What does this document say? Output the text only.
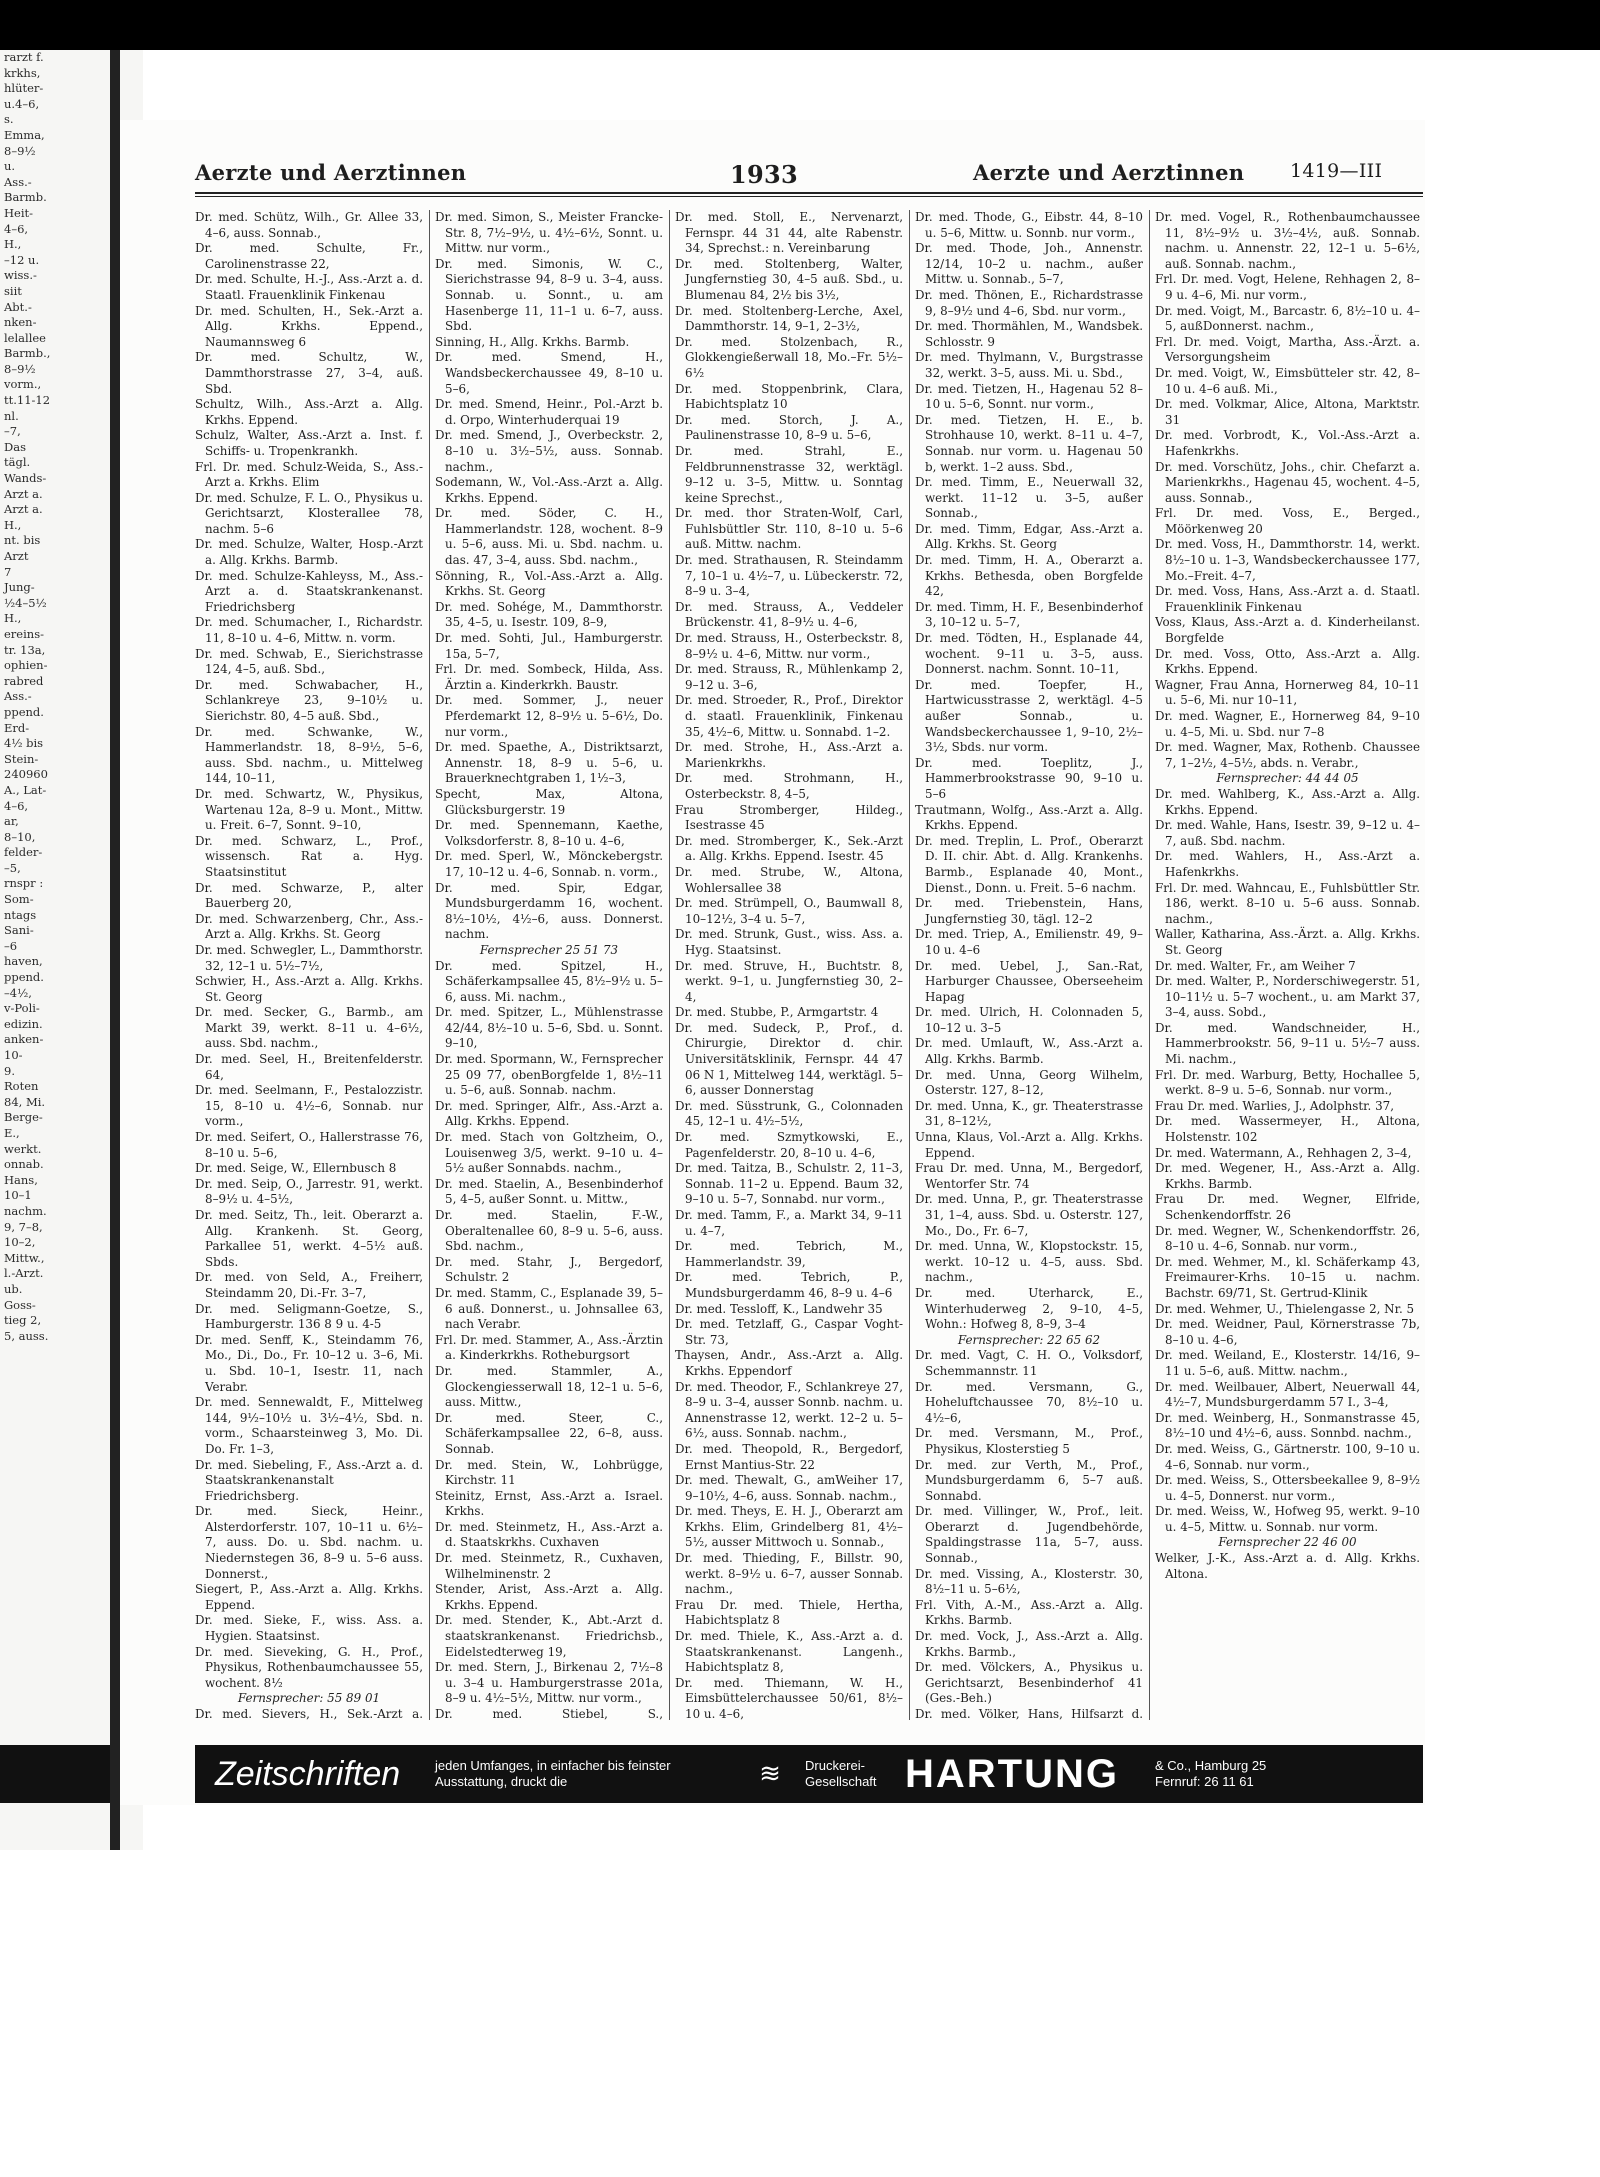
rarzt f.
krkhs,
hlüter-
u.4–6,
s.
Emma,
8–9½
u.
Ass.-
Barmb.
Heit-
4–6,
H.,
–12 u.
wiss.-
siit
Abt.-
nken-
lelallee
Barmb.,
8–9½
vorm.,
tt.11-12
nl.
–7,
Das
tägl.
Wands-
Arzt a.
Arzt a.
H.,
nt. bis
Arzt
7
Jung-
½4–5½
H.,
ereins-
tr. 13a,
ophien-
rabred
Ass.-
ppend.
Erd-
4½ bis
Stein-
240960
A., Lat-
4–6,
ar,
8–10,
felder-
–5,
rnspr :
Som-
ntags
Sani-
–6
haven,
ppend.
–4½,
v-Poli-
edizin.
anken-
10-
9.
Roten
84, Mi.
Berge-
E.,
werkt.
onnab.
Hans,
10–1
nachm.
9, 7–8,
10–2,
Mittw.,
l.-Arzt.
ub.
Goss-
tieg 2,
5, auss.
Aerzte und Aerztinnen	1933	Aerzte und Aerztinnen 1419—III

Dr. med. Schütz, Wilh., Gr. Allee 33, 4–6, auss. Sonnab.,

Dr. med. Schulte, Fr., Carolinenstrasse 22,

Dr. med. Schulte, H.-J., Ass.-Arzt a. d. Staatl. Frauenklinik Finkenau

Dr. med. Schulten, H., Sek.-Arzt a. Allg. Krkhs. Eppend., Naumannsweg 6

Dr. med. Schultz, W., Dammthorstrasse 27, 3–4, auß. Sbd.

Schultz, Wilh., Ass.-Arzt a. Allg. Krkhs. Eppend.

Schulz, Walter, Ass.-Arzt a. Inst. f. Schiffs- u. Tropenkrankh.

Frl. Dr. med. Schulz-Weida, S., Ass.-Arzt a. Krkhs. Elim

Dr. med. Schulze, F. L. O., Physikus u. Gerichtsarzt, Klosterallee 78, nachm. 5–6

Dr. med. Schulze, Walter, Hosp.-Arzt a. Allg. Krkhs. Barmb.

Dr. med. Schulze-Kahleyss, M., Ass.-Arzt a. d. Staatskrankenanst. Friedrichsberg

Dr. med. Schumacher, I., Richardstr. 11, 8–10 u. 4–6, Mittw. n. vorm.

Dr. med. Schwab, E., Sierichstrasse 124, 4–5, auß. Sbd.,

Dr. med. Schwabacher, H., Schlankreye 23, 9–10½ u. Sierichstr. 80, 4–5 auß. Sbd.,

Dr. med. Schwanke, W., Hammerlandstr. 18, 8–9½, 5–6, auss. Sbd. nachm., u. Mittelweg 144, 10–11,

Dr. med. Schwartz, W., Physikus, Wartenau 12a, 8–9 u. Mont., Mittw. u. Freit. 6–7, Sonnt. 9–10,

Dr. med. Schwarz, L., Prof., wissensch. Rat a. Hyg. Staatsinstitut

Dr. med. Schwarze, P., alter Bauerberg 20,

Dr. med. Schwarzenberg, Chr., Ass.-Arzt a. Allg. Krkhs. St. Georg

Dr. med. Schwegler, L., Dammthorstr. 32, 12–1 u. 5½–7½,

Schwier, H., Ass.-Arzt a. Allg. Krkhs. St. Georg

Dr. med. Secker, G., Barmb., am Markt 39, werkt. 8–11 u. 4–6½, auss. Sbd. nachm.,

Dr. med. Seel, H., Breitenfelderstr. 64,

Dr. med. Seelmann, F., Pestalozzistr. 15, 8–10 u. 4½–6, Sonnab. nur vorm.,

Dr. med. Seifert, O., Hallerstrasse 76, 8–10 u. 5–6,

Dr. med. Seige, W., Ellernbusch 8

Dr. med. Seip, O., Jarrestr. 91, werkt. 8–9½ u. 4–5½,

Dr. med. Seitz, Th., leit. Oberarzt a. Allg. Krankenh. St. Georg, Parkallee 51, werkt. 4–5½ auß. Sbds.

Dr. med. von Seld, A., Freiherr, Steindamm 20, Di.-Fr. 3–7,

Dr. med. Seligmann-Goetze, S., Hamburgerstr. 136 8 9 u. 4-5

Dr. med. Senff, K., Steindamm 76, Mo., Di., Do., Fr. 10–12 u. 3–6, Mi. u. Sbd. 10–1, Isestr. 11, nach Verabr.

Dr. med. Sennewaldt, F., Mittelweg 144, 9½–10½ u. 3½–4½, Sbd. n. vorm., Schaarsteinweg 3, Mo. Di. Do. Fr. 1–3,

Dr. med. Siebeling, F., Ass.-Arzt a. d. Staatskrankenanstalt Friedrichsberg.

Dr. med. Sieck, Heinr., Alsterdorferstr. 107, 10–11 u. 6½–7, auss. Do. u. Sbd. nachm. u. Niedernstegen 36, 8–9 u. 5–6 auss. Donnerst.,

Siegert, P., Ass.-Arzt a. Allg. Krkhs. Eppend.

Dr. med. Sieke, F., wiss. Ass. a. Hygien. Staatsinst.

Dr. med. Sieveking, G. H., Prof., Physikus, Rothenbaumchaussee 55, wochent. 8½

Fernsprecher: 55 89 01

Dr. med. Sievers, H., Sek.-Arzt a.

Dr. med. Simon, S., Meister Francke-Str. 8, 7½–9½, u. 4½–6½, Sonnt. u. Mittw. nur vorm.,

Dr. med. Simonis, W. C., Sierichstrasse 94, 8–9 u. 3–4, auss. Sonnab. u. Sonnt., u. am Hasenberge 11, 11–1 u. 6–7, auss. Sbd.

Sinning, H., Allg. Krkhs. Barmb.

Dr. med. Smend, H., Wandsbeckerchaussee 49, 8–10 u. 5–6,

Dr. med. Smend, Heinr., Pol.-Arzt b. d. Orpo, Winterhuderquai 19

Dr. med. Smend, J., Overbeckstr. 2, 8–10 u. 3½–5½, auss. Sonnab. nachm.,

Sodemann, W., Vol.-Ass.-Arzt a. Allg. Krkhs. Eppend.

Dr. med. Söder, C. H., Hammerlandstr. 128, wochent. 8–9 u. 5–6, auss. Mi. u. Sbd. nachm. u. das. 47, 3–4, auss. Sbd. nachm.,

Sönning, R., Vol.-Ass.-Arzt a. Allg. Krkhs. St. Georg

Dr. med. Sohége, M., Dammthorstr. 35, 4–5, u. Isestr. 109, 8–9,

Dr. med. Sohti, Jul., Hamburgerstr. 15a, 5–7,

Frl. Dr. med. Sombeck, Hilda, Ass. Ärztin a. Kinderkrkh. Baustr.

Dr. med. Sommer, J., neuer Pferdemarkt 12, 8–9½ u. 5–6½, Do. nur vorm.,

Dr. med. Spaethe, A., Distriktsarzt, Annenstr. 18, 8–9 u. 5–6, u. Brauerknechtgraben 1, 1½–3,

Specht, Max, Altona, Glücksburgerstr. 19

Dr. med. Spennemann, Kaethe, Volksdorferstr. 8, 8–10 u. 4–6,

Dr. med. Sperl, W., Mönckebergstr. 17, 10–12 u. 4–6, Sonnab. n. vorm.,

Dr. med. Spir, Edgar, Mundsburgerdamm 16, wochent. 8½–10½, 4½–6, auss. Donnerst. nachm.

Fernsprecher 25 51 73

Dr. med. Spitzel, H., Schäferkampsallee 45, 8½–9½ u. 5–6, auss. Mi. nachm.,

Dr. med. Spitzer, L., Mühlenstrasse 42/44, 8½–10 u. 5–6, Sbd. u. Sonnt. 9–10,

Dr. med. Spormann, W., Fernsprecher 25 09 77, obenBorgfelde 1, 8½–11 u. 5–6, auß. Sonnab. nachm.

Dr. med. Springer, Alfr., Ass.-Arzt a. Allg. Krkhs. Eppend.

Dr. med. Stach von Goltzheim, O., Louisenweg 3/5, werkt. 9–10 u. 4–5½ außer Sonnabds. nachm.,

Dr. med. Staelin, A., Besenbinderhof 5, 4–5, außer Sonnt. u. Mittw.,

Dr. med. Staelin, F.-W., Oberaltenallee 60, 8–9 u. 5–6, auss. Sbd. nachm.,

Dr. med. Stahr, J., Bergedorf, Schulstr. 2

Dr. med. Stamm, C., Esplanade 39, 5–6 auß. Donnerst., u. Johnsallee 63, nach Verabr.

Frl. Dr. med. Stammer, A., Ass.-Ärztin a. Kinderkrkhs. Rotheburgsort

Dr. med. Stammler, A., Glockengiesserwall 18, 12–1 u. 5–6, auss. Mittw.,

Dr. med. Steer, C., Schäferkampsallee 22, 6–8, auss. Sonnab.

Dr. med. Stein, W., Lohbrügge, Kirchstr. 11

Steinitz, Ernst, Ass.-Arzt a. Israel. Krkhs.

Dr. med. Steinmetz, H., Ass.-Arzt a. d. Staatskrkhs. Cuxhaven

Dr. med. Steinmetz, R., Cuxhaven, Wilhelminenstr. 2

Stender, Arist, Ass.-Arzt a. Allg. Krkhs. Eppend.

Dr. med. Stender, K., Abt.-Arzt d. staatskrankenanst. Friedrichsb., Eidelstedterweg 19,

Dr. med. Stern, J., Birkenau 2, 7½–8 u. 3–4 u. Hamburgerstrasse 201a, 8–9 u. 4½–5½, Mittw. nur vorm.,

Dr. med. Stiebel, S.,

Dr. med. Stoll, E., Nervenarzt, Fernspr. 44 31 44, alte Rabenstr. 34, Sprechst.: n. Vereinbarung

Dr. med. Stoltenberg, Walter, Jungfernstieg 30, 4–5 auß. Sbd., u. Blumenau 84, 2½ bis 3½,

Dr. med. Stoltenberg-Lerche, Axel, Dammthorstr. 14, 9–1, 2–3½,

Dr. med. Stolzenbach, R., Glokkengießerwall 18, Mo.–Fr. 5½–6½

Dr. med. Stoppenbrink, Clara, Habichtsplatz 10

Dr. med. Storch, J. A., Paulinenstrasse 10, 8–9 u. 5–6,

Dr. med. Strahl, E., Feldbrunnenstrasse 32, werktägl. 9–12 u. 3–5, Mittw. u. Sonntag keine Sprechst.,

Dr. med. thor Straten-Wolf, Carl, Fuhlsbüttler Str. 110, 8–10 u. 5–6 auß. Mittw. nachm.

Dr. med. Strathausen, R. Steindamm 7, 10–1 u. 4½–7, u. Lübeckerstr. 72, 8–9 u. 3–4,

Dr. med. Strauss, A., Veddeler Brückenstr. 41, 8–9½ u. 4–6,

Dr. med. Strauss, H., Osterbeckstr. 8, 8–9½ u. 4–6, Mittw. nur vorm.,

Dr. med. Strauss, R., Mühlenkamp 2, 9–12 u. 3–6,

Dr. med. Stroeder, R., Prof., Direktor d. staatl. Frauenklinik, Finkenau 35, 4½–6, Mittw. u. Sonnabd. 1–2.

Dr. med. Strohe, H., Ass.-Arzt a. Marienkrkhs.

Dr. med. Strohmann, H., Osterbeckstr. 8, 4–5,

Frau Stromberger, Hildeg., Isestrasse 45

Dr. med. Stromberger, K., Sek.-Arzt a. Allg. Krkhs. Eppend. Isestr. 45

Dr. med. Strube, W., Altona, Wohlersallee 38

Dr. med. Strümpell, O., Baumwall 8, 10–12½, 3–4 u. 5–7,

Dr. med. Strunk, Gust., wiss. Ass. a. Hyg. Staatsinst.

Dr. med. Struve, H., Buchtstr. 8, werkt. 9–1, u. Jungfernstieg 30, 2–4,

Dr. med. Stubbe, P., Armgartstr. 4

Dr. med. Sudeck, P., Prof., d. Chirurgie, Direktor d. chir. Universitätsklinik, Fernspr. 44 47 06 N 1, Mittelweg 144, werktägl. 5–6, ausser Donnerstag

Dr. med. Süsstrunk, G., Colonnaden 45, 12–1 u. 4½–5½,

Dr. med. Szmytkowski, E., Pagenfelderstr. 20, 8–10 u. 4–6,

Dr. med. Taitza, B., Schulstr. 2, 11–3, Sonnab. 11–2 u. Eppend. Baum 32, 9–10 u. 5–7, Sonnabd. nur vorm.,

Dr. med. Tamm, F., a. Markt 34, 9–11 u. 4–7,

Dr. med. Tebrich, M., Hammerlandstr. 39,

Dr. med. Tebrich, P., Mundsburgerdamm 46, 8–9 u. 4–6

Dr. med. Tessloff, K., Landwehr 35

Dr. med. Tetzlaff, G., Caspar Voght-Str. 73,

Thaysen, Andr., Ass.-Arzt a. Allg. Krkhs. Eppendorf

Dr. med. Theodor, F., Schlankreye 27, 8–9 u. 3–4, ausser Sonnb. nachm. u. Annenstrasse 12, werkt. 12–2 u. 5–6½, auss. Sonnab. nachm.,

Dr. med. Theopold, R., Bergedorf, Ernst Mantius-Str. 22

Dr. med. Thewalt, G., amWeiher 17, 9–10½, 4–6, auss. Sonnab. nachm.,

Dr. med. Theys, E. H. J., Oberarzt am Krkhs. Elim, Grindelberg 81, 4½–5½, ausser Mittwoch u. Sonnab.,

Dr. med. Thieding, F., Billstr. 90, werkt. 8–9½ u. 6–7, ausser Sonnab. nachm.,

Frau Dr. med. Thiele, Hertha, Habichtsplatz 8

Dr. med. Thiele, K., Ass.-Arzt a. d. Staatskrankenanst. Langenh., Habichtsplatz 8,

Dr. med. Thiemann, W. H., Eimsbüttelerchaussee 50/61, 8½–10 u. 4–6,

Dr. med. Thode, G., Eibstr. 44, 8–10 u. 5–6, Mittw. u. Sonnb. nur vorm.,

Dr. med. Thode, Joh., Annenstr. 12/14, 10–2 u. nachm., außer Mittw. u. Sonnab., 5–7,

Dr. med. Thönen, E., Richardstrasse 9, 8–9½ und 4–6, Sbd. nur vorm.,

Dr. med. Thormählen, M., Wandsbek. Schlosstr. 9

Dr. med. Thylmann, V., Burgstrasse 32, werkt. 3–5, auss. Mi. u. Sbd.,

Dr. med. Tietzen, H., Hagenau 52 8–10 u. 5–6, Sonnt. nur vorm.,

Dr. med. Tietzen, H. E., b. Strohhause 10, werkt. 8–11 u. 4–7, Sonnab. nur vorm. u. Hagenau 50 b, werkt. 1–2 auss. Sbd.,

Dr. med. Timm, E., Neuerwall 32, werkt. 11–12 u. 3–5, außer Sonnab.,

Dr. med. Timm, Edgar, Ass.-Arzt a. Allg. Krkhs. St. Georg

Dr. med. Timm, H. A., Oberarzt a. Krkhs. Bethesda, oben Borgfelde 42,

Dr. med. Timm, H. F., Besenbinderhof 3, 10–12 u. 5–7,

Dr. med. Tödten, H., Esplanade 44, wochent. 9–11 u. 3–5, auss. Donnerst. nachm. Sonnt. 10–11,

Dr. med. Toepfer, H., Hartwicusstrasse 2, werktägl. 4–5 außer Sonnab., u. Wandsbeckerchaussee 1, 9–10, 2½–3½, Sbds. nur vorm.

Dr. med. Toeplitz, J., Hammerbrookstrasse 90, 9–10 u. 5–6

Trautmann, Wolfg., Ass.-Arzt a. Allg. Krkhs. Eppend.

Dr. med. Treplin, L. Prof., Oberarzt D. II. chir. Abt. d. Allg. Krankenhs. Barmb., Esplanade 40, Mont., Dienst., Donn. u. Freit. 5–6 nachm.

Dr. med. Triebenstein, Hans, Jungfernstieg 30, tägl. 12–2

Dr. med. Triep, A., Emilienstr. 49, 9–10 u. 4–6

Dr. med. Uebel, J., San.-Rat, Harburger Chaussee, Oberseeheim Hapag

Dr. med. Ulrich, H. Colonnaden 5, 10–12 u. 3–5

Dr. med. Umlauft, W., Ass.-Arzt a. Allg. Krkhs. Barmb.

Dr. med. Unna, Georg Wilhelm, Osterstr. 127, 8–12,

Dr. med. Unna, K., gr. Theaterstrasse 31, 8–12½,

Unna, Klaus, Vol.-Arzt a. Allg. Krkhs. Eppend.

Frau Dr. med. Unna, M., Bergedorf, Wentorfer Str. 74

Dr. med. Unna, P., gr. Theaterstrasse 31, 1–4, auss. Sbd. u. Osterstr. 127, Mo., Do., Fr. 6–7,

Dr. med. Unna, W., Klopstockstr. 15, werkt. 10–12 u. 4–5, auss. Sbd. nachm.,

Dr. med. Uterharck, E., Winterhuderweg 2, 9–10, 4–5, Wohn.: Hofweg 8, 8–9, 3–4

Fernsprecher: 22 65 62

Dr. med. Vagt, C. H. O., Volksdorf, Schemmannstr. 11

Dr. med. Versmann, G., Hoheluftchaussee 70, 8½–10 u. 4½–6,

Dr. med. Versmann, M., Prof., Physikus, Klosterstieg 5

Dr. med. zur Verth, M., Prof., Mundsburgerdamm 6, 5–7 auß. Sonnabd.

Dr. med. Villinger, W., Prof., leit. Oberarzt d. Jugendbehörde, Spaldingstrasse 11a, 5–7, auss. Sonnab.,

Dr. med. Vissing, A., Klosterstr. 30, 8½–11 u. 5–6½,

Frl. Vith, A.-M., Ass.-Arzt a. Allg. Krkhs. Barmb.

Dr. med. Vock, J., Ass.-Arzt a. Allg. Krkhs. Barmb.,

Dr. med. Völckers, A., Physikus u. Gerichtsarzt, Besenbinderhof 41 (Ges.-Beh.)

Dr. med. Völker, Hans, Hilfsarzt d.

Dr. med. Vogel, R., Rothenbaumchaussee 11, 8½–9½ u. 3½–4½, auß. Sonnab. nachm. u. Annenstr. 22, 12–1 u. 5–6½, auß. Sonnab. nachm.,

Frl. Dr. med. Vogt, Helene, Rehhagen 2, 8–9 u. 4–6, Mi. nur vorm.,

Dr. med. Voigt, M., Barcastr. 6, 8½–10 u. 4–5, außDonnerst. nachm.,

Frl. Dr. med. Voigt, Martha, Ass.-Ärzt. a. Versorgungsheim

Dr. med. Voigt, W., Eimsbütteler str. 42, 8–10 u. 4–6 auß. Mi.,

Dr. med. Volkmar, Alice, Altona, Marktstr. 31

Dr. med. Vorbrodt, K., Vol.-Ass.-Arzt a. Hafenkrkhs.

Dr. med. Vorschütz, Johs., chir. Chefarzt a. Marienkrkhs., Hagenau 45, wochent. 4–5, auss. Sonnab.,

Frl. Dr. med. Voss, E., Berged., Möörkenweg 20

Dr. med. Voss, H., Dammthorstr. 14, werkt. 8½–10 u. 1–3, Wandsbeckerchaussee 177, Mo.–Freit. 4–7,

Dr. med. Voss, Hans, Ass.-Arzt a. d. Staatl. Frauenklinik Finkenau

Voss, Klaus, Ass.-Arzt a. d. Kinderheilanst. Borgfelde

Dr. med. Voss, Otto, Ass.-Arzt a. Allg. Krkhs. Eppend.

Wagner, Frau Anna, Hornerweg 84, 10–11 u. 5–6, Mi. nur 10–11,

Dr. med. Wagner, E., Hornerweg 84, 9–10 u. 4–5, Mi. u. Sbd. nur 7–8

Dr. med. Wagner, Max, Rothenb. Chaussee 7, 1–2½, 4–5½, abds. n. Verabr.,

Fernsprecher: 44 44 05

Dr. med. Wahlberg, K., Ass.-Arzt a. Allg. Krkhs. Eppend.

Dr. med. Wahle, Hans, Isestr. 39, 9–12 u. 4–7, auß. Sbd. nachm.

Dr. med. Wahlers, H., Ass.-Arzt a. Hafenkrkhs.

Frl. Dr. med. Wahncau, E., Fuhlsbüttler Str. 186, werkt. 8–10 u. 5–6 auss. Sonnab. nachm.,

Waller, Katharina, Ass.-Ärzt. a. Allg. Krkhs. St. Georg

Dr. med. Walter, Fr., am Weiher 7

Dr. med. Walter, P., Norderschiwegerstr. 51, 10–11½ u. 5–7 wochent., u. am Markt 37, 3–4, auss. Sobd.,

Dr. med. Wandschneider, H., Hammerbrookstr. 56, 9–11 u. 5½–7 auss. Mi. nachm.,

Frl. Dr. med. Warburg, Betty, Hochallee 5, werkt. 8–9 u. 5–6, Sonnab. nur vorm.,

Frau Dr. med. Warlies, J., Adolphstr. 37,

Dr. med. Wassermeyer, H., Altona, Holstenstr. 102

Dr. med. Watermann, A., Rehhagen 2, 3–4,

Dr. med. Wegener, H., Ass.-Arzt a. Allg. Krkhs. Barmb.

Frau Dr. med. Wegner, Elfride, Schenkendorffstr. 26

Dr. med. Wegner, W., Schenkendorffstr. 26, 8–10 u. 4–6, Sonnab. nur vorm.,

Dr. med. Wehmer, M., kl. Schäferkamp 43, Freimaurer-Krhs. 10–15 u. nachm. Bachstr. 69/71, St. Gertrud-Klinik

Dr. med. Wehmer, U., Thielengasse 2, Nr. 5

Dr. med. Weidner, Paul, Körnerstrasse 7b, 8–10 u. 4–6,

Dr. med. Weiland, E., Klosterstr. 14/16, 9–11 u. 5–6, auß. Mittw. nachm.,

Dr. med. Weilbauer, Albert, Neuerwall 44, 4½–7, Mundsburgerdamm 57 I., 3–4,

Dr. med. Weinberg, H., Sonmanstrasse 45, 8½–10 und 4½–6, auss. Sonnbd. nachm.,

Dr. med. Weiss, G., Gärtnerstr. 100, 9–10 u. 4–6, Sonnab. nur vorm.,

Dr. med. Weiss, S., Ottersbeekallee 9, 8–9½ u. 4–5, Donnerst. nur vorm.,

Dr. med. Weiss, W., Hofweg 95, werkt. 9–10 u. 4–5, Mittw. u. Sonnab. nur vorm.

Fernsprecher 22 46 00

Welker, J.-K., Ass.-Arzt a. d. Allg. Krkhs. Altona.

Zeitschriften	jeden Umfanges, in einfacher bis feinster Ausstattung, druckt die	≋	Druckerei-Gesellschaft HARTUNG	& Co., Hamburg 25
Fernruf: 26 11 61
